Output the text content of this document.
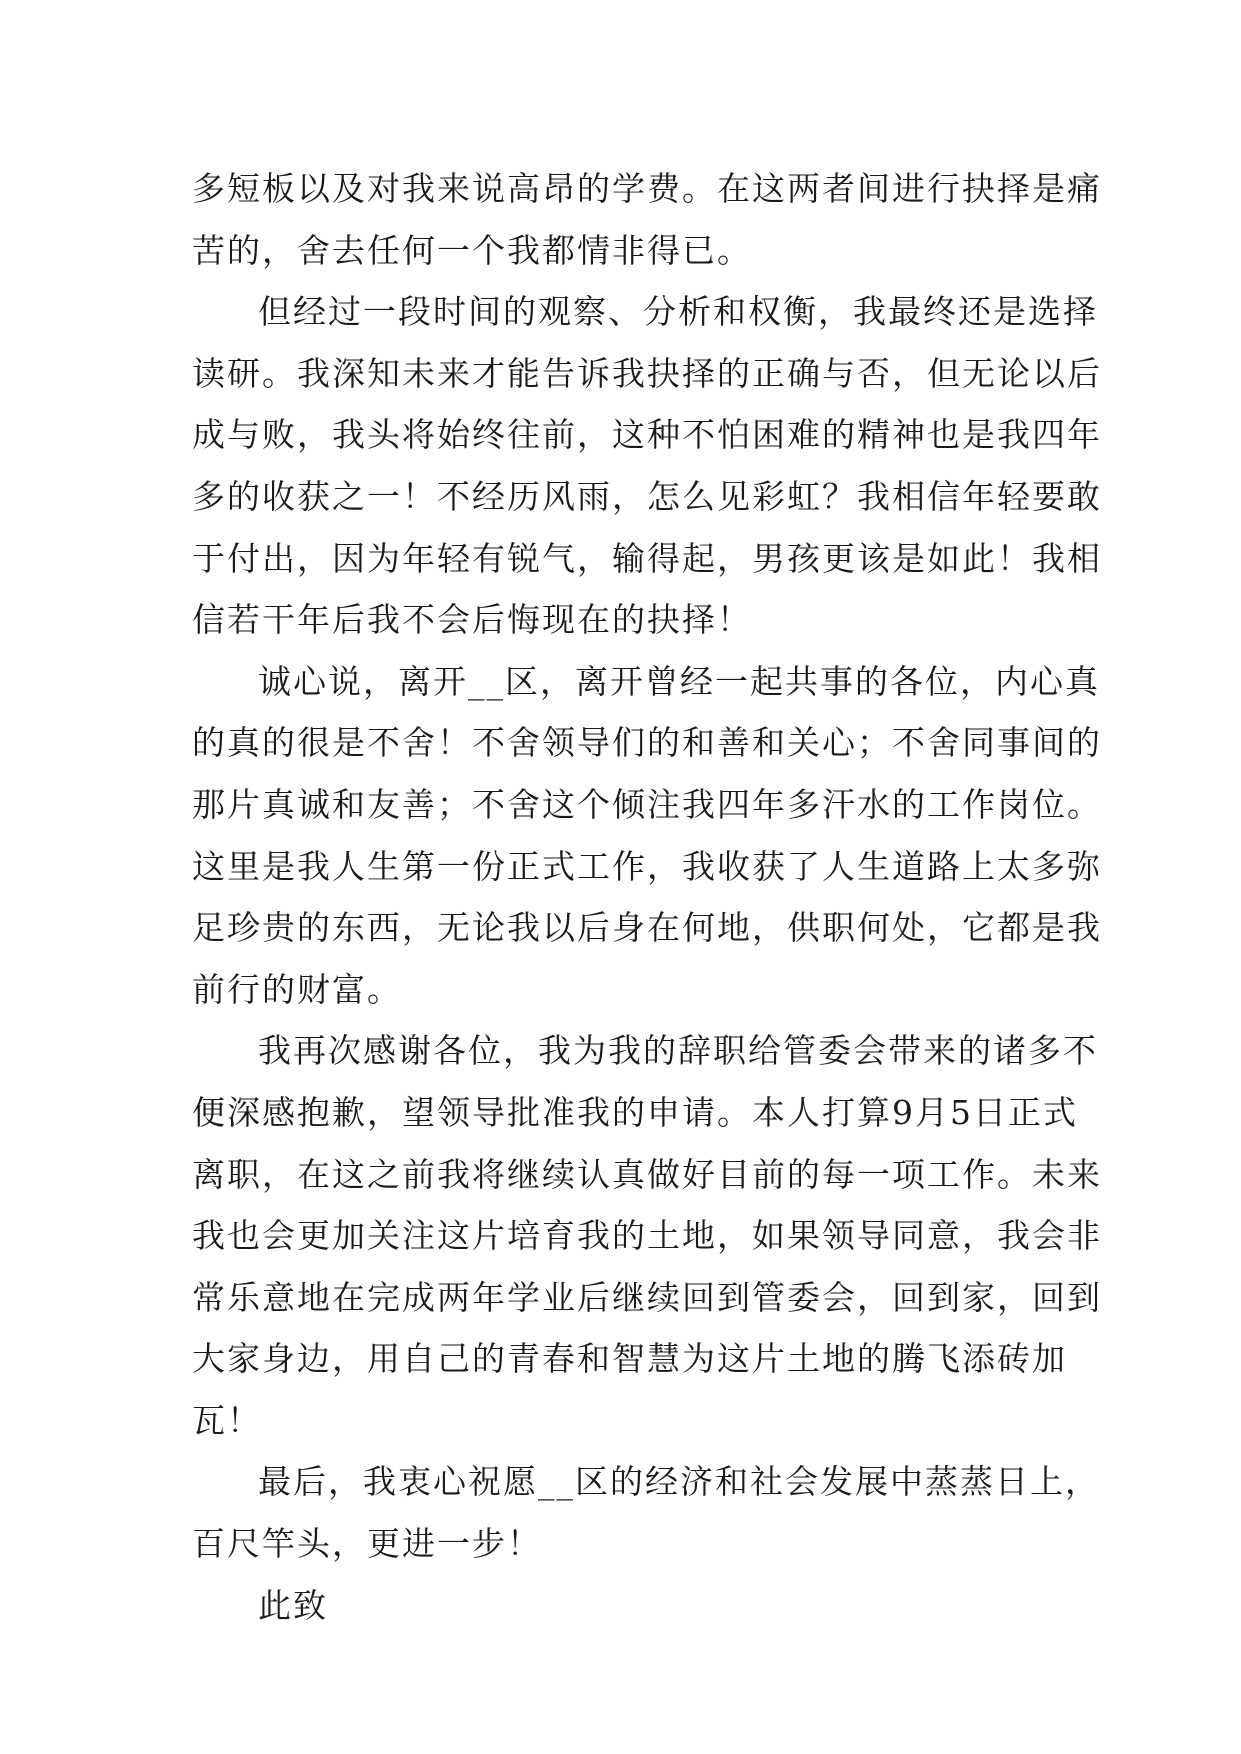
多短板以及对我来说高昂的学费。在这两者间进行抉择是痛
苦的，舍去任何一个我都情非得已。
但经过一段时间的观察、分析和权衡，我最终还是选择
读研。我深知未来才能告诉我抉择的正确与否，但无论以后
成与败，我头将始终往前，这种不怕困难的精神也是我四年
多的收获之一！不经历风雨，怎么见彩虹？我相信年轻要敢
于付出，因为年轻有锐气，输得起，男孩更该是如此！我相
信若干年后我不会后悔现在的抉择！
诚心说，离开__区，离开曾经一起共事的各位，内心真
的真的很是不舍！不舍领导们的和善和关心；不舍同事间的
那片真诚和友善；不舍这个倾注我四年多汗水的工作岗位。
这里是我人生第一份正式工作，我收获了人生道路上太多弥
足珍贵的东西，无论我以后身在何地，供职何处，它都是我
前行的财富。
我再次感谢各位，我为我的辞职给管委会带来的诸多不
便深感抱歉，望领导批准我的申请。本人打算9月5日正式
离职，在这之前我将继续认真做好目前的每一项工作。未来
我也会更加关注这片培育我的土地，如果领导同意，我会非
常乐意地在完成两年学业后继续回到管委会，回到家，回到
大家身边，用自己的青春和智慧为这片土地的腾飞添砖加
瓦！
最后，我衷心祝愿__区的经济和社会发展中蒸蒸日上，
百尺竿头，更进一步！
此致
